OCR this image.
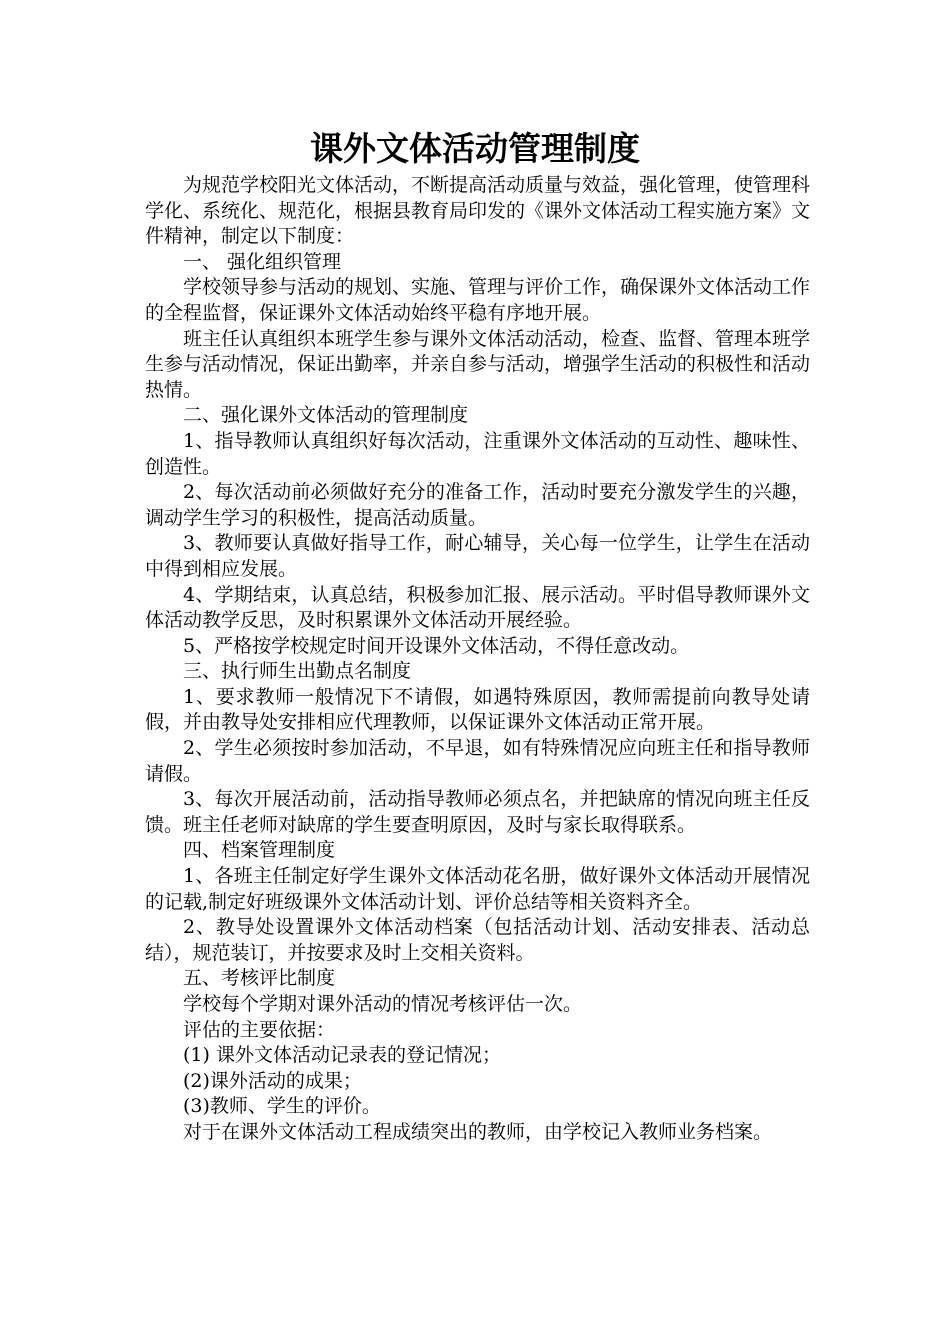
课外文体活动管理制度

为规范学校阳光文体活动，不断提高活动质量与效益，强化管理，使管理科学化、系统化、规范化，根据县教育局印发的《课外文体活动工程实施方案》文件精神，制定以下制度：

一、 强化组织管理

学校领导参与活动的规划、实施、管理与评价工作，确保课外文体活动工作的全程监督，保证课外文体活动始终平稳有序地开展。

班主任认真组织本班学生参与课外文体活动活动，检查、监督、管理本班学生参与活动情况，保证出勤率，并亲自参与活动，增强学生活动的积极性和活动热情。

二、强化课外文体活动的管理制度

1、指导教师认真组织好每次活动，注重课外文体活动的互动性、趣味性、创造性。

2、每次活动前必须做好充分的准备工作，活动时要充分激发学生的兴趣，调动学生学习的积极性，提高活动质量。

3、教师要认真做好指导工作，耐心辅导，关心每一位学生，让学生在活动中得到相应发展。

4、学期结束，认真总结，积极参加汇报、展示活动。平时倡导教师课外文体活动教学反思，及时积累课外文体活动开展经验。

5、严格按学校规定时间开设课外文体活动，不得任意改动。

三、执行师生出勤点名制度

1、要求教师一般情况下不请假，如遇特殊原因，教师需提前向教导处请假，并由教导处安排相应代理教师，以保证课外文体活动正常开展。

2、学生必须按时参加活动，不早退，如有特殊情况应向班主任和指导教师请假。

3、每次开展活动前，活动指导教师必须点名，并把缺席的情况向班主任反馈。班主任老师对缺席的学生要查明原因，及时与家长取得联系。

四、档案管理制度

1、各班主任制定好学生课外文体活动花名册，做好课外文体活动开展情况的记载,制定好班级课外文体活动计划、评价总结等相关资料齐全。

2、教导处设置课外文体活动档案（包括活动计划、活动安排表、活动总结），规范装订，并按要求及时上交相关资料。

五、考核评比制度

学校每个学期对课外活动的情况考核评估一次。

评估的主要依据：

(1) 课外文体活动记录表的登记情况；

(2)课外活动的成果；

(3)教师、学生的评价。

对于在课外文体活动工程成绩突出的教师，由学校记入教师业务档案。
